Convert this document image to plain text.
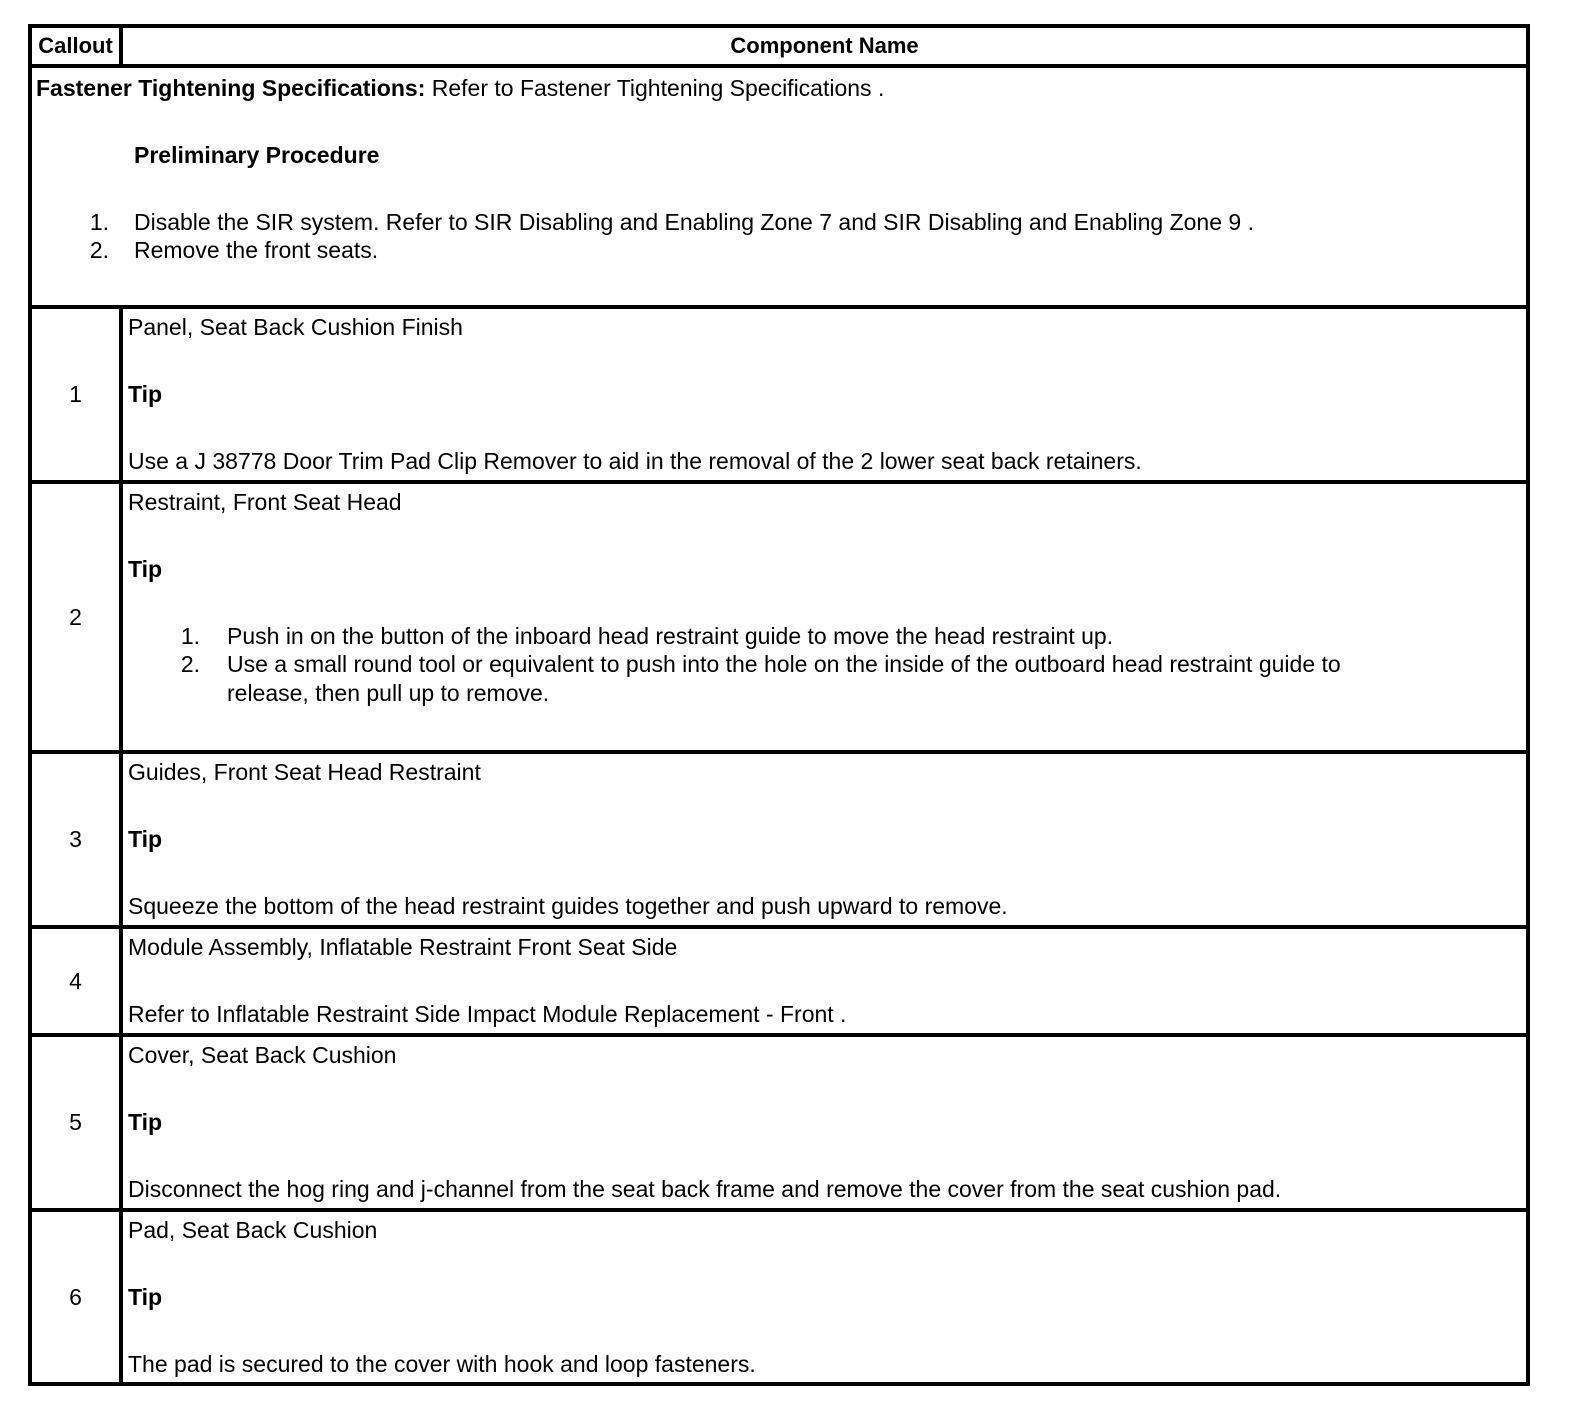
Callout	Component Name
Fastener Tightening Specifications: Refer to Fastener Tightening Specifications .
Preliminary Procedure
1. Disable the SIR system. Refer to SIR Disabling and Enabling Zone 7 and SIR Disabling and Enabling Zone 9 .
2. Remove the front seats.
1
Panel, Seat Back Cushion Finish
Tip
Use a J 38778 Door Trim Pad Clip Remover to aid in the removal of the 2 lower seat back retainers.
2
Restraint, Front Seat Head
Tip
1. Push in on the button of the inboard head restraint guide to move the head restraint up.
2. Use a small round tool or equivalent to push into the hole on the inside of the outboard head restraint guide to
release, then pull up to remove.
3
Guides, Front Seat Head Restraint
Tip
Squeeze the bottom of the head restraint guides together and push upward to remove.
4
Module Assembly, Inflatable Restraint Front Seat Side
Refer to Inflatable Restraint Side Impact Module Replacement - Front .
5
Cover, Seat Back Cushion
Tip
Disconnect the hog ring and j-channel from the seat back frame and remove the cover from the seat cushion pad.
6
Pad, Seat Back Cushion
Tip
The pad is secured to the cover with hook and loop fasteners.
